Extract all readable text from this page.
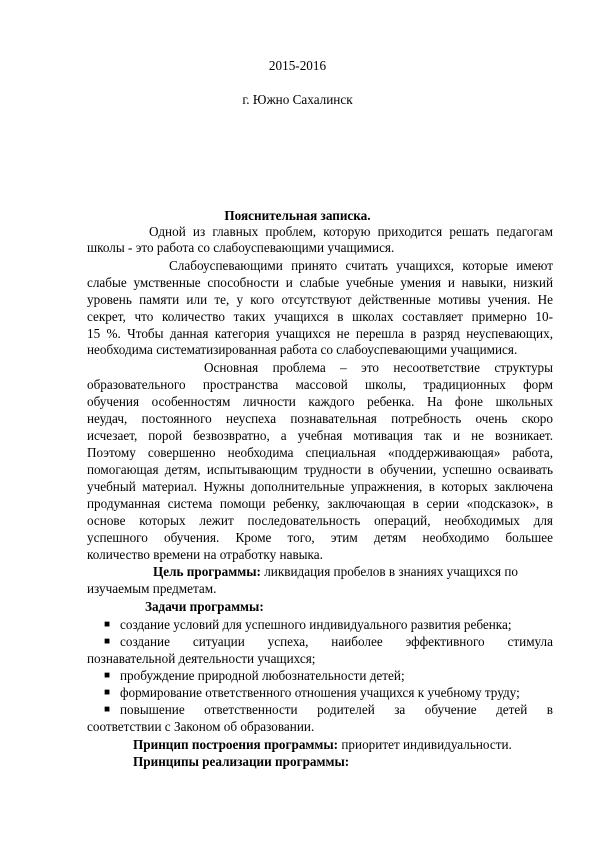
2015-2016
г. Южно Сахалинск
Пояснительная записка.
Одной из главных проблем, которую приходится решать педагогам
школы - это работа со слабоуспевающими учащимися.
Слабоуспевающими принято считать учащихся, которые имеют
слабые умственные способности и слабые учебные умения и навыки, низкий
уровень памяти или те, у кого отсутствуют действенные мотивы учения. Не
секрет, что количество таких учащихся в школах составляет примерно 10-
15 %. Чтобы данная категория учащихся не перешла в разряд неуспевающих,
необходима систематизированная работа со слабоуспевающими учащимися.
Основная проблема – это несоответствие структуры
образовательного пространства массовой школы, традиционных форм
обучения особенностям личности каждого ребенка. На фоне школьных
неудач, постоянного неуспеха познавательная потребность очень скоро
исчезает, порой безвозвратно, а учебная мотивация так и не возникает.
Поэтому совершенно необходима специальная «поддерживающая» работа,
помогающая детям, испытывающим трудности в обучении, успешно осваивать
учебный материал. Нужны дополнительные упражнения, в которых заключена
продуманная система помощи ребенку, заключающая в серии «подсказок», в
основе которых лежит последовательность операций, необходимых для
успешного обучения. Кроме того, этим детям необходимо большее
количество времени на отработку навыка.
Цель программы: ликвидация пробелов в знаниях учащихся по
изучаемым предметам.
Задачи программы:
■ создание условий для успешного индивидуального развития ребенка;
■ создание ситуации успеха, наиболее эффективного стимула
познавательной деятельности учащихся;
■ пробуждение природной любознательности детей;
■ формирование ответственного отношения учащихся к учебному труду;
■ повышение ответственности родителей за обучение детей в
соответствии с Законом об образовании.
Принцип построения программы: приоритет индивидуальности.
Принципы реализации программы:
